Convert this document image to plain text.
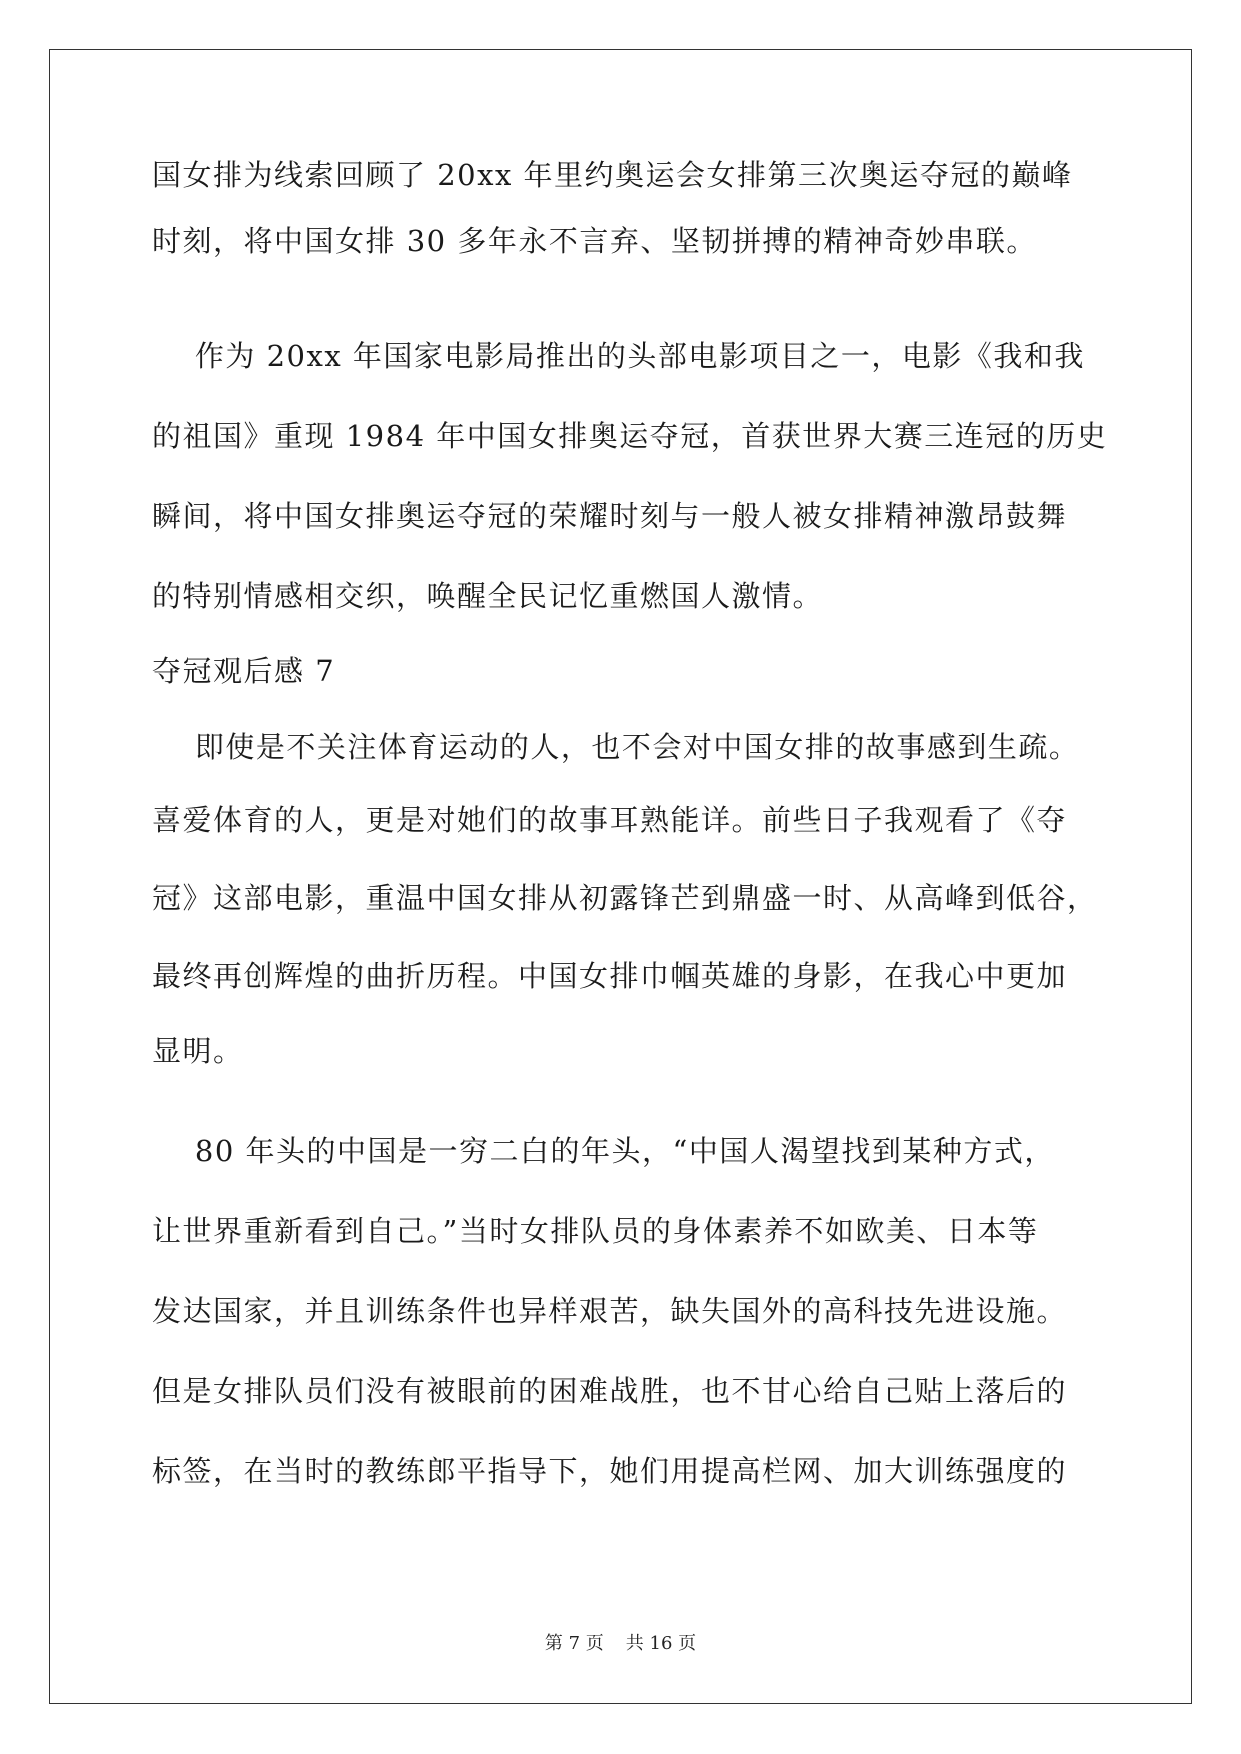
国女排为线索回顾了 20xx 年里约奥运会女排第三次奥运夺冠的巅峰
时刻，将中国女排 30 多年永不言弃、坚韧拼搏的精神奇妙串联。
作为 20xx 年国家电影局推出的头部电影项目之一，电影《我和我
的祖国》重现 1984 年中国女排奥运夺冠，首获世界大赛三连冠的历史
瞬间，将中国女排奥运夺冠的荣耀时刻与一般人被女排精神激昂鼓舞
的特别情感相交织，唤醒全民记忆重燃国人激情。
夺冠观后感 7
即使是不关注体育运动的人，也不会对中国女排的故事感到生疏。
喜爱体育的人，更是对她们的故事耳熟能详。前些日子我观看了《夺
冠》这部电影，重温中国女排从初露锋芒到鼎盛一时、从高峰到低谷，
最终再创辉煌的曲折历程。中国女排巾帼英雄的身影，在我心中更加
显明。
80 年头的中国是一穷二白的年头，“中国人渴望找到某种方式，
让世界重新看到自己。”当时女排队员的身体素养不如欧美、日本等
发达国家，并且训练条件也异样艰苦，缺失国外的高科技先进设施。
但是女排队员们没有被眼前的困难战胜，也不甘心给自己贴上落后的
标签，在当时的教练郎平指导下，她们用提高栏网、加大训练强度的
第 7 页 共 16 页
